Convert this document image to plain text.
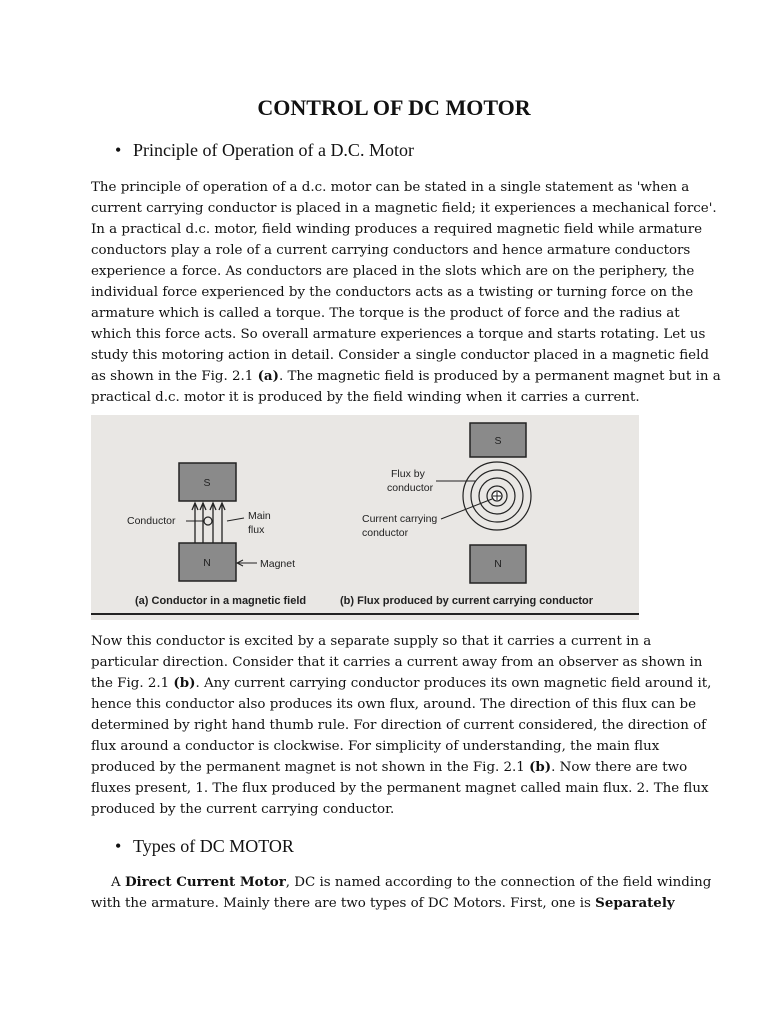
CONTROL OF DC MOTOR
• Principle of Operation of a D.C. Motor

The principle of operation of a d.c. motor can be stated in a single statement as 'when a
current carrying conductor is placed in a magnetic field; it experiences a mechanical force'.
In a practical d.c. motor, field winding produces a required magnetic field while armature
conductors play a role of a current carrying conductors and hence armature conductors
experience a force. As conductors are placed in the slots which are on the periphery, the
individual force experienced by the conductors acts as a twisting or turning force on the
armature which is called a torque. The torque is the product of force and the radius at
which this force acts. So overall armature experiences a torque and starts rotating. Let us
study this motoring action in detail. Consider a single conductor placed in a magnetic field
as shown in the Fig. 2.1 (a). The magnetic field is produced by a permanent magnet but in a
practical d.c. motor it is produced by the field winding when it carries a current.

S
N
Conductor	Main
flux
Magnet
(a) Conductor in a magnetic field
S
N
Flux by
conductor
Current carrying
conductor
(b) Flux produced by current carrying conductor

Now this conductor is excited by a separate supply so that it carries a current in a
particular direction. Consider that it carries a current away from an observer as shown in
the Fig. 2.1 (b). Any current carrying conductor produces its own magnetic field around it,
hence this conductor also produces its own flux, around. The direction of this flux can be
determined by right hand thumb rule. For direction of current considered, the direction of
flux around a conductor is clockwise. For simplicity of understanding, the main flux
produced by the permanent magnet is not shown in the Fig. 2.1 (b). Now there are two
fluxes present, 1. The flux produced by the permanent magnet called main flux. 2. The flux
produced by the current carrying conductor.

• Types of DC MOTOR

A Direct Current Motor, DC is named according to the connection of the field winding
with the armature. Mainly there are two types of DC Motors. First, one is Separately
